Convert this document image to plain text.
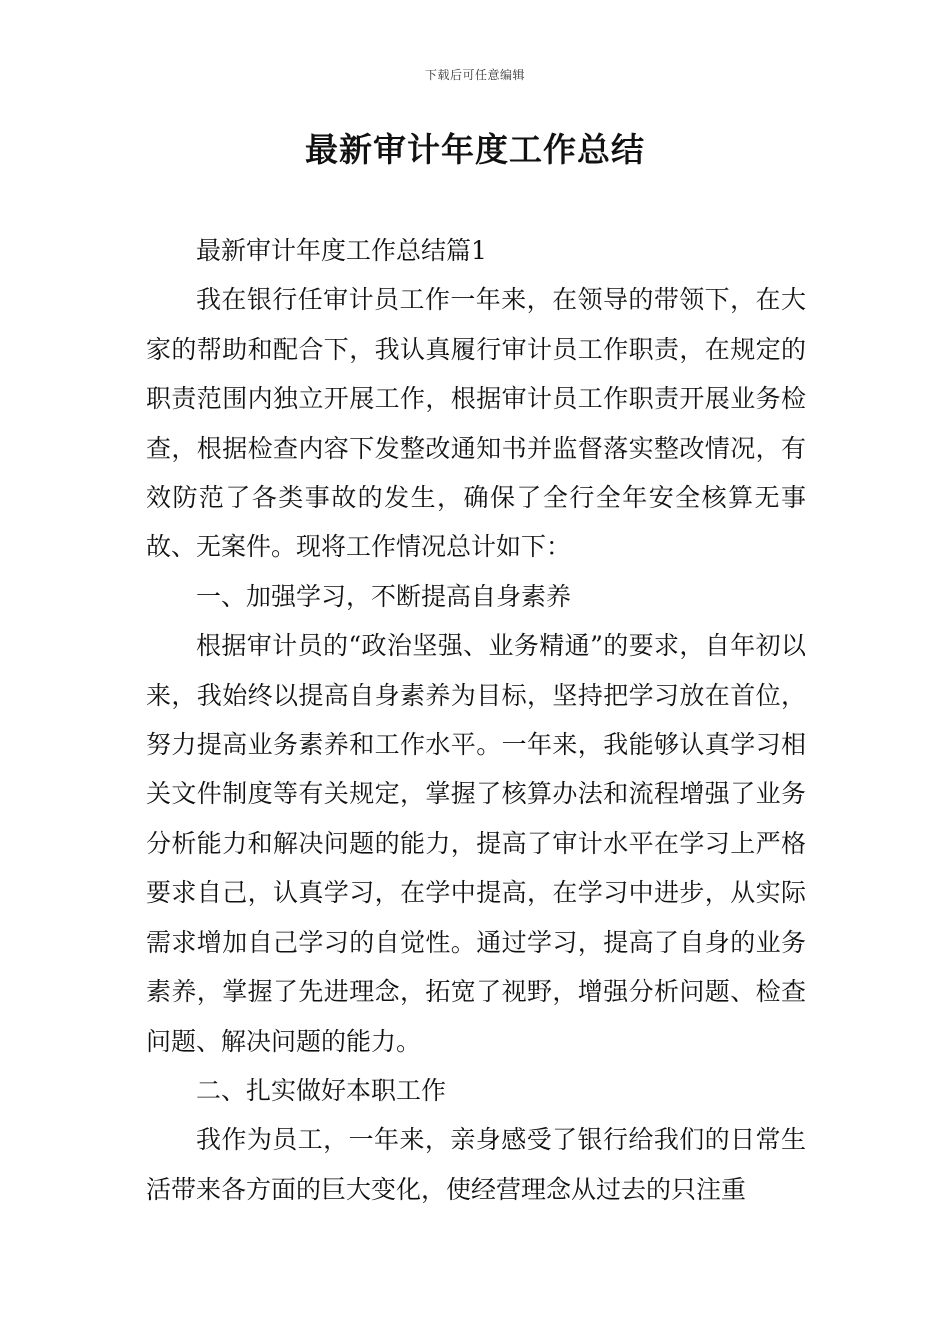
下载后可任意编辑
最新审计年度工作总结

最新审计年度工作总结篇1

我在银行任审计员工作一年来，在领导的带领下，在大家的帮助和配合下，我认真履行审计员工作职责，在规定的职责范围内独立开展工作，根据审计员工作职责开展业务检查，根据检查内容下发整改通知书并监督落实整改情况，有效防范了各类事故的发生，确保了全行全年安全核算无事故、无案件。现将工作情况总计如下：

一、加强学习，不断提高自身素养

根据审计员的“政治坚强、业务精通”的要求，自年初以来，我始终以提高自身素养为目标，坚持把学习放在首位，努力提高业务素养和工作水平。一年来，我能够认真学习相关文件制度等有关规定，掌握了核算办法和流程增强了业务分析能力和解决问题的能力，提高了审计水平在学习上严格要求自己，认真学习，在学中提高，在学习中进步，从实际需求增加自己学习的自觉性。通过学习，提高了自身的业务素养，掌握了先进理念，拓宽了视野，增强分析问题、检查问题、解决问题的能力。

二、扎实做好本职工作

我作为员工，一年来，亲身感受了银行给我们的日常生活带来各方面的巨大变化，使经营理念从过去的只注重
